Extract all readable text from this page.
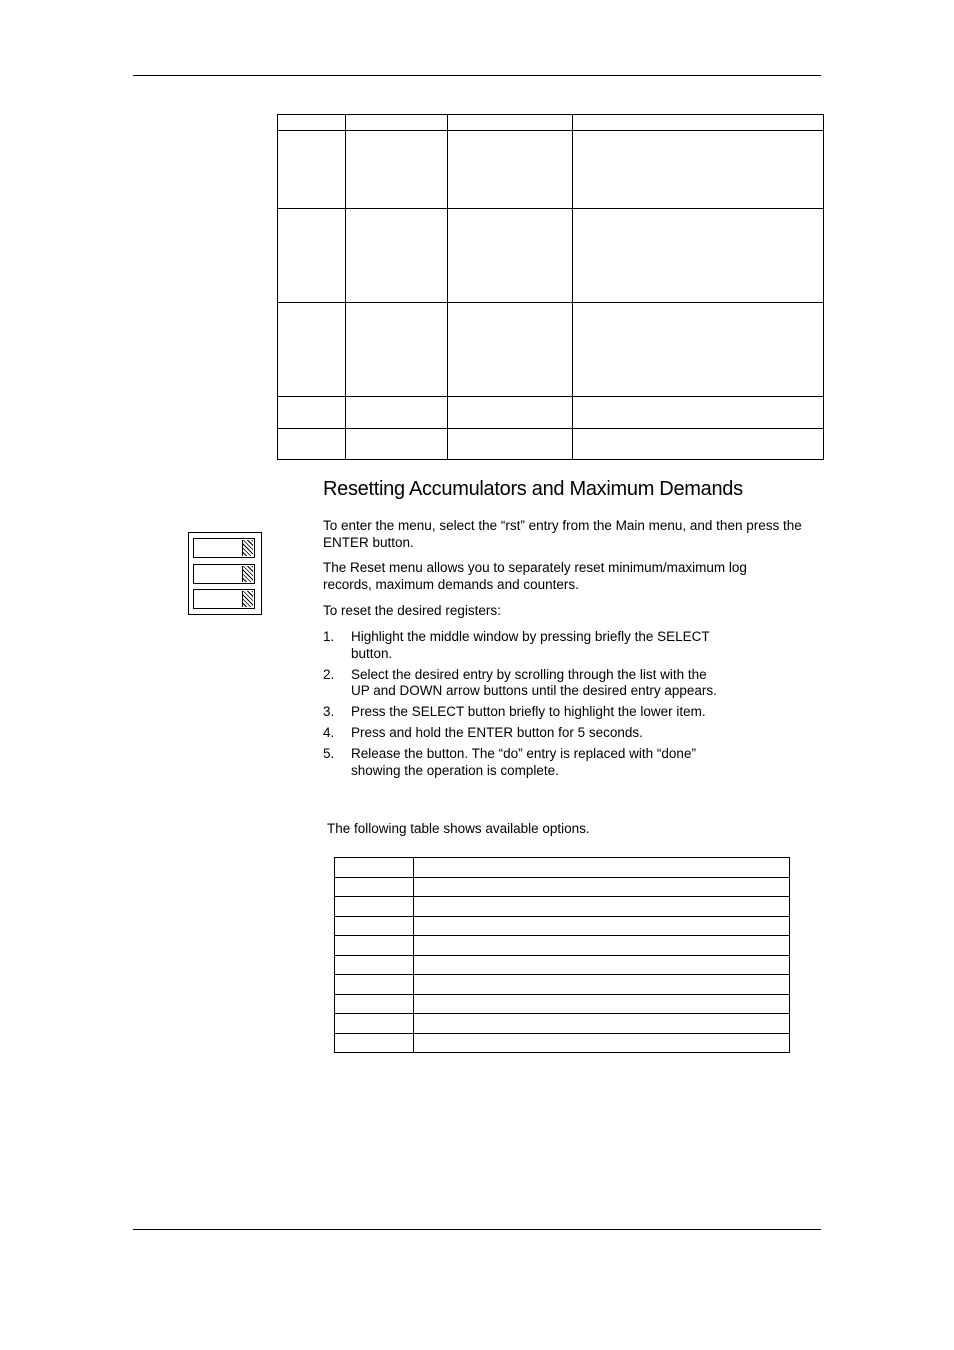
Resetting Accumulators and Maximum Demands

To enter the menu, select the “rst” entry from the Main menu, and then press the ENTER button.

The Reset menu allows you to separately reset minimum/maximum log records, maximum demands and counters.

To reset the desired registers:

1. Highlight the middle window by pressing briefly the SELECT button.
2. Select the desired entry by scrolling through the list with the UP and DOWN arrow buttons until the desired entry appears.
3. Press the SELECT button briefly to highlight the lower item.
4. Press and hold the ENTER button for 5 seconds.
5. Release the button. The “do” entry is replaced with “done” showing the operation is complete.

The following table shows available options.
